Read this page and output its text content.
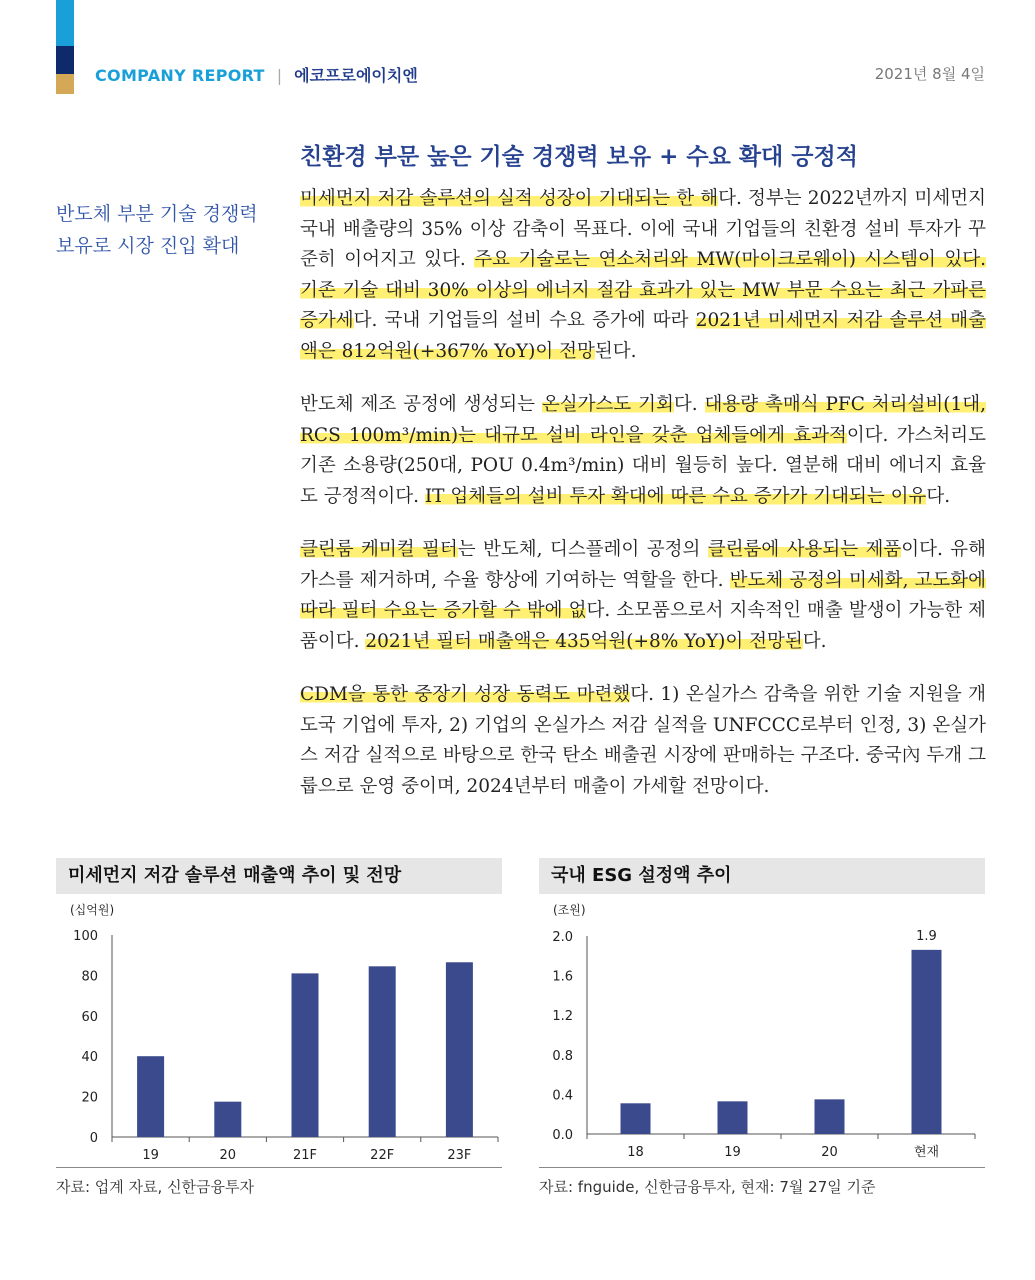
COMPANY REPORT | 에코프로에이치엔	2021년 8월 4일
친환경 부문 높은 기술 경쟁력 보유 + 수요 확대 긍정적
반도체 부분 기술 경쟁력
보유로 시장 진입 확대

미세먼지 저감 솔루션의 실적 성장이 기대되는 한 해다. 정부는 2022년까지 미세먼지 국내 배출량의 35% 이상 감축이 목표다. 이에 국내 기업들의 친환경 설비 투자가 꾸준히 이어지고 있다. 주요 기술로는 연소처리와 MW(마이크로웨이) 시스템이 있다. 기존 기술 대비 30% 이상의 에너지 절감 효과가 있는 MW 부문 수요는 최근 가파른 증가세다. 국내 기업들의 설비 수요 증가에 따라 2021년 미세먼지 저감 솔루션 매출액은 812억원(+367% YoY)이 전망된다.

반도체 제조 공정에 생성되는 온실가스도 기회다. 대용량 촉매식 PFC 처리설비(1대, RCS 100m³/min)는 대규모 설비 라인을 갖춘 업체들에게 효과적이다. 가스처리도 기존 소용량(250대, POU 0.4m³/min) 대비 월등히 높다. 열분해 대비 에너지 효율도 긍정적이다. IT 업체들의 설비 투자 확대에 따른 수요 증가가 기대되는 이유다.

클린룸 케미컬 필터는 반도체, 디스플레이 공정의 클린룸에 사용되는 제품이다. 유해가스를 제거하며, 수율 향상에 기여하는 역할을 한다. 반도체 공정의 미세화, 고도화에 따라 필터 수요는 증가할 수 밖에 없다. 소모품으로서 지속적인 매출 발생이 가능한 제품이다. 2021년 필터 매출액은 435억원(+8% YoY)이 전망된다.

CDM을 통한 중장기 성장 동력도 마련했다. 1) 온실가스 감축을 위한 기술 지원을 개도국 기업에 투자, 2) 기업의 온실가스 저감 실적을 UNFCCC로부터 인정, 3) 온실가스 저감 실적으로 바탕으로 한국 탄소 배출권 시장에 판매하는 구조다. 중국內 두개 그룹으로 운영 중이며, 2024년부터 매출이 가세할 전망이다.

미세먼지 저감 솔루션 매출액 추이 및 전망
(십억원)
0
20
40
60
80
100
19	20	21F	22F	23F
자료: 업계 자료, 신한금융투자
국내 ESG 설정액 추이
(조원)
0.0
0.4
0.8
1.2
1.6
2.0
18	19	20	현재
1.9
자료: fnguide, 신한금융투자, 현재: 7월 27일 기준
